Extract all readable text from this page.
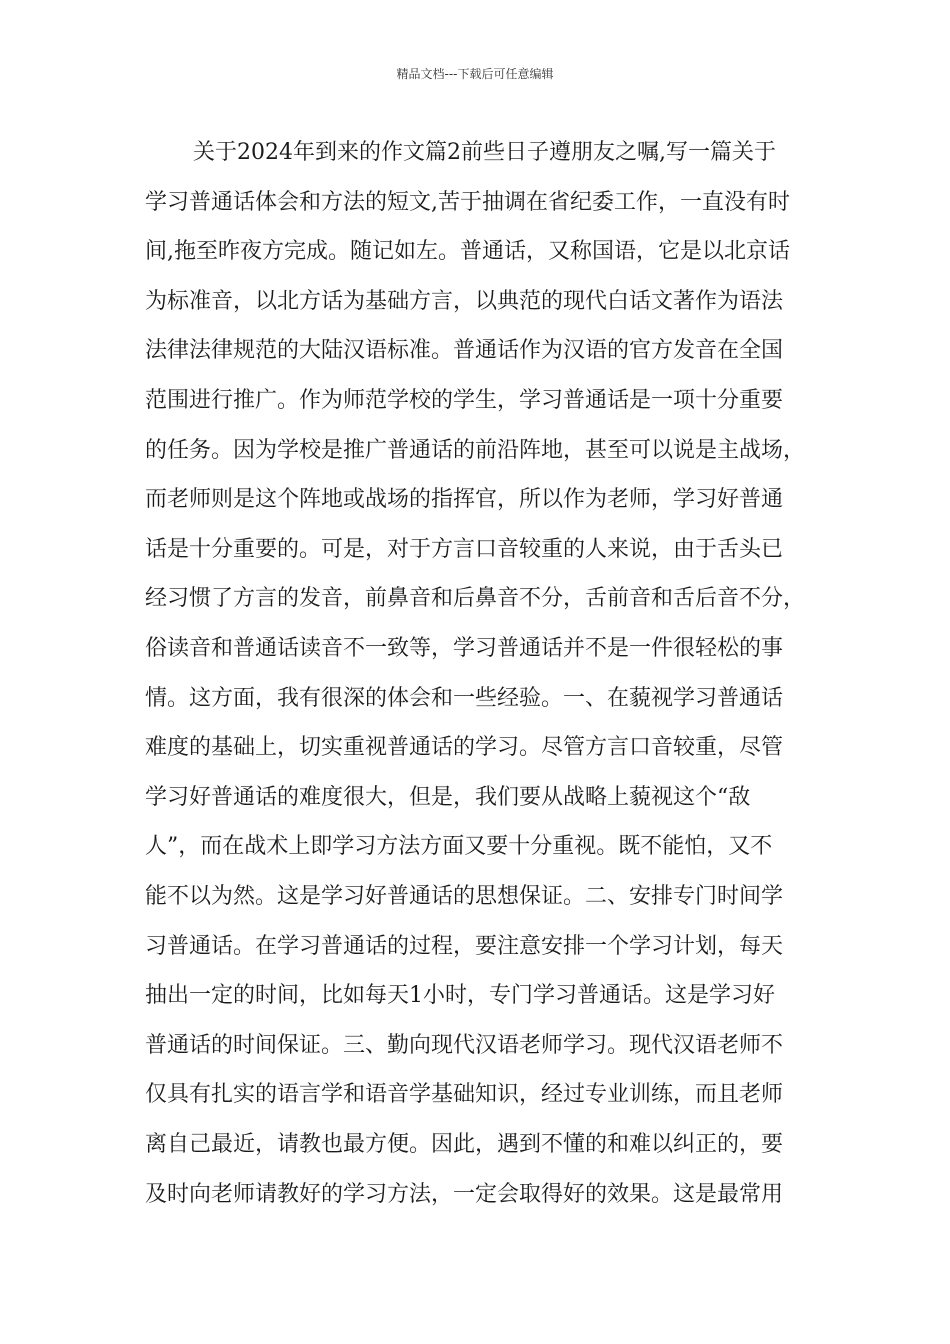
精品文档---下载后可任意编辑
关于2024年到来的作文篇2前些日子遵朋友之嘱,写一篇关于
学习普通话体会和方法的短文,苦于抽调在省纪委工作，一直没有时
间,拖至昨夜方完成。随记如左。普通话，又称国语，它是以北京话
为标准音，以北方话为基础方言，以典范的现代白话文著作为语法
法律法律规范的大陆汉语标准。普通话作为汉语的官方发音在全国
范围进行推广。作为师范学校的学生，学习普通话是一项十分重要
的任务。因为学校是推广普通话的前沿阵地，甚至可以说是主战场，
而老师则是这个阵地或战场的指挥官，所以作为老师，学习好普通
话是十分重要的。可是，对于方言口音较重的人来说，由于舌头已
经习惯了方言的发音，前鼻音和后鼻音不分，舌前音和舌后音不分，
俗读音和普通话读音不一致等，学习普通话并不是一件很轻松的事
情。这方面，我有很深的体会和一些经验。一、在藐视学习普通话
难度的基础上，切实重视普通话的学习。尽管方言口音较重，尽管
学习好普通话的难度很大，但是，我们要从战略上藐视这个“敌
人”，而在战术上即学习方法方面又要十分重视。既不能怕，又不
能不以为然。这是学习好普通话的思想保证。二、安排专门时间学
习普通话。在学习普通话的过程，要注意安排一个学习计划，每天
抽出一定的时间，比如每天1小时，专门学习普通话。这是学习好
普通话的时间保证。三、勤向现代汉语老师学习。现代汉语老师不
仅具有扎实的语言学和语音学基础知识，经过专业训练，而且老师
离自己最近，请教也最方便。因此，遇到不懂的和难以纠正的，要
及时向老师请教好的学习方法，一定会取得好的效果。这是最常用
